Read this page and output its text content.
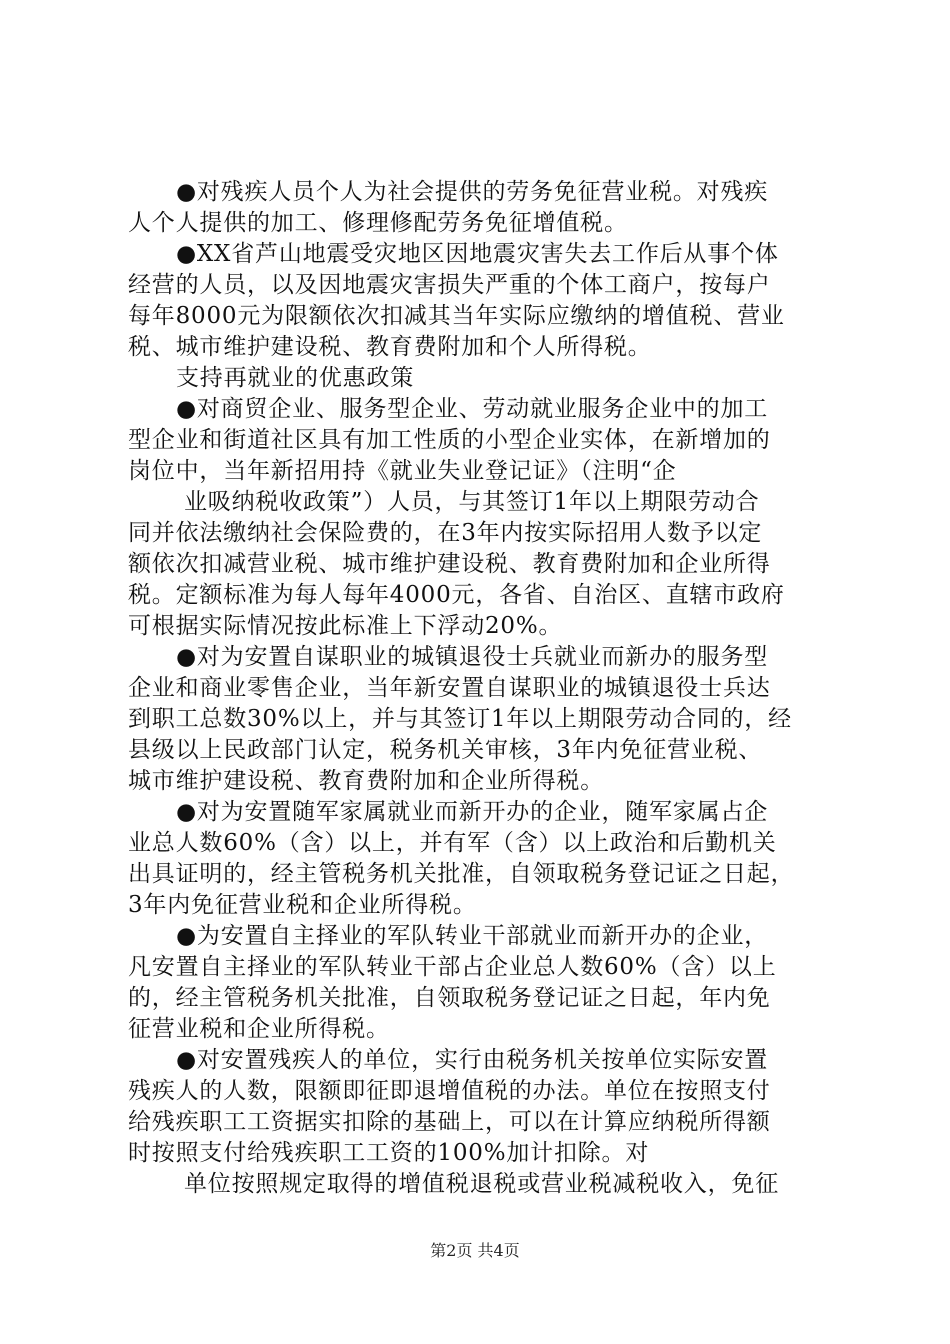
●对残疾人员个人为社会提供的劳务免征营业税。对残疾
人个人提供的加工、修理修配劳务免征增值税。
●XX省芦山地震受灾地区因地震灾害失去工作后从事个体
经营的人员，以及因地震灾害损失严重的个体工商户，按每户
每年8000元为限额依次扣减其当年实际应缴纳的增值税、营业
税、城市维护建设税、教育费附加和个人所得税。
支持再就业的优惠政策
●对商贸企业、服务型企业、劳动就业服务企业中的加工
型企业和街道社区具有加工性质的小型企业实体，在新增加的
岗位中，当年新招用持《就业失业登记证》（注明“企
业吸纳税收政策”）人员，与其签订1年以上期限劳动合
同并依法缴纳社会保险费的，在3年内按实际招用人数予以定
额依次扣减营业税、城市维护建设税、教育费附加和企业所得
税。定额标准为每人每年4000元，各省、自治区、直辖市政府
可根据实际情况按此标准上下浮动20%。
●对为安置自谋职业的城镇退役士兵就业而新办的服务型
企业和商业零售企业，当年新安置自谋职业的城镇退役士兵达
到职工总数30%以上，并与其签订1年以上期限劳动合同的，经
县级以上民政部门认定，税务机关审核，3年内免征营业税、
城市维护建设税、教育费附加和企业所得税。
●对为安置随军家属就业而新开办的企业，随军家属占企
业总人数60%（含）以上，并有军（含）以上政治和后勤机关
出具证明的，经主管税务机关批准，自领取税务登记证之日起，
3年内免征营业税和企业所得税。
●为安置自主择业的军队转业干部就业而新开办的企业，
凡安置自主择业的军队转业干部占企业总人数60%（含）以上
的，经主管税务机关批准，自领取税务登记证之日起，年内免
征营业税和企业所得税。
●对安置残疾人的单位，实行由税务机关按单位实际安置
残疾人的人数，限额即征即退增值税的办法。单位在按照支付
给残疾职工工资据实扣除的基础上，可以在计算应纳税所得额
时按照支付给残疾职工工资的100%加计扣除。对
单位按照规定取得的增值税退税或营业税减税收入，免征
第2页 共4页
